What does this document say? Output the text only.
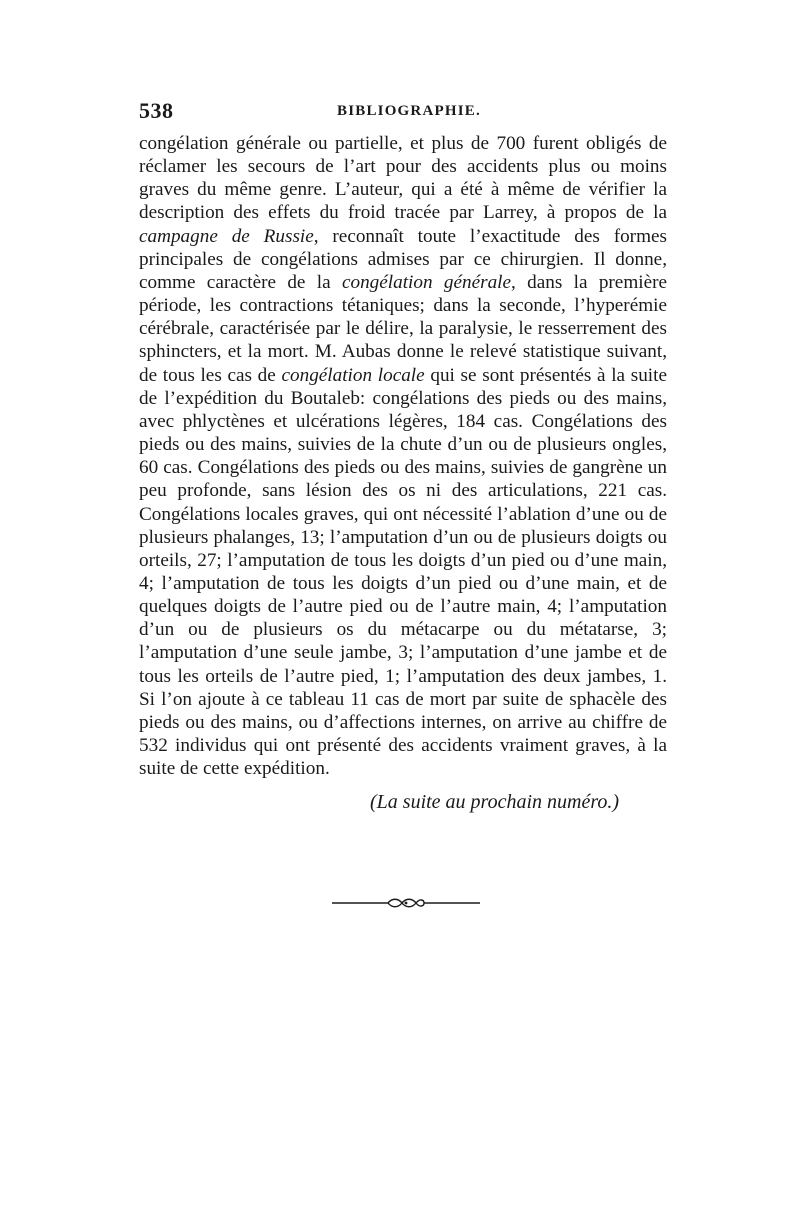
538	BIBLIOGRAPHIE.

congélation générale ou partielle, et plus de 700 furent obligés de réclamer les secours de l’art pour des accidents plus ou moins graves du même genre. L’auteur, qui a été à même de vérifier la description des effets du froid tracée par Larrey, à propos de la campagne de Russie, reconnaît toute l’exactitude des formes principales de congélations admises par ce chirurgien. Il donne, comme caractère de la congélation générale, dans la première période, les contractions tétaniques; dans la seconde, l’hyperémie cérébrale, caractérisée par le délire, la paralysie, le resserrement des sphincters, et la mort. M. Aubas donne le relevé statistique suivant, de tous les cas de congélation locale qui se sont présentés à la suite de l’expédition du Boutaleb: congélations des pieds ou des mains, avec phlyctènes et ulcérations légères, 184 cas. Congélations des pieds ou des mains, suivies de la chute d’un ou de plusieurs ongles, 60 cas. Congélations des pieds ou des mains, suivies de gangrène un peu profonde, sans lésion des os ni des articulations, 221 cas. Congélations locales graves, qui ont nécessité l’ablation d’une ou de plusieurs phalanges, 13; l’amputation d’un ou de plusieurs doigts ou orteils, 27; l’amputation de tous les doigts d’un pied ou d’une main, 4; l’amputation de tous les doigts d’un pied ou d’une main, et de quelques doigts de l’autre pied ou de l’autre main, 4; l’amputation d’un ou de plusieurs os du métacarpe ou du métatarse, 3; l’amputation d’une seule jambe, 3; l’amputation d’une jambe et de tous les orteils de l’autre pied, 1; l’amputation des deux jambes, 1. Si l’on ajoute à ce tableau 11 cas de mort par suite de sphacèle des pieds ou des mains, ou d’affections internes, on arrive au chiffre de 532 individus qui ont présenté des accidents vraiment graves, à la suite de cette expédition.

(La suite au prochain numéro.)
